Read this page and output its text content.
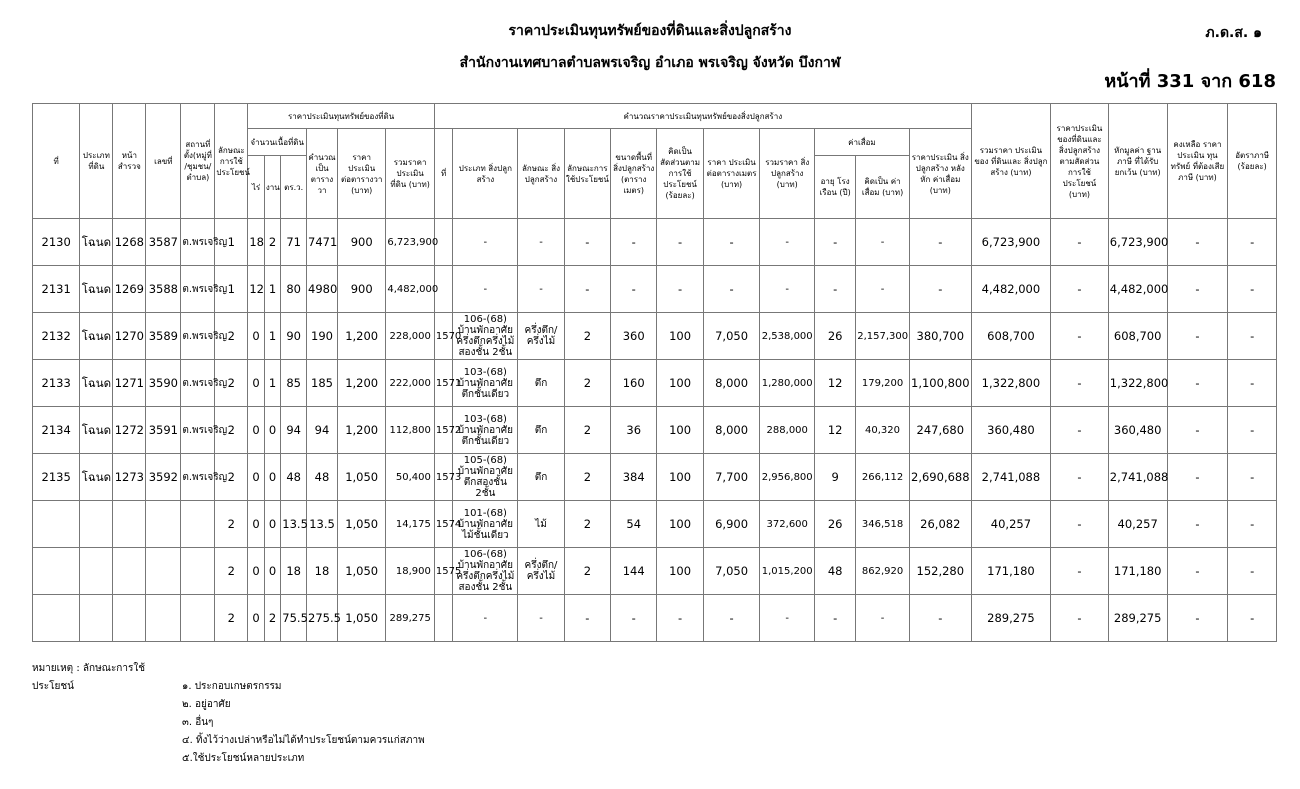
ราคาประเมินทุนทรัพย์ของที่ดินและสิ่งปลูกสร้าง
สำนักงานเทศบาลตำบลพรเจริญ อำเภอ พรเจริญ จังหวัด บึงกาฬ
ภ.ด.ส. ๑
หน้าที่ 331 จาก 618
ที่	ประเภท ที่ดิน	หน้า สำรวจ	เลขที่	สถานที่ ตั้ง(หมู่ที่ /ชุมชน/ ตำบล)	ลักษณะ การใช้ ประโยชน์	ราคาประเมินทุนทรัพย์ของที่ดิน						คำนวณราคาประเมินทุนทรัพย์ของสิ่งปลูกสร้าง											รวมราคา ประเมินของ ที่ดินและ สิ่งปลูกสร้าง (บาท)	ราคาประเมิน ของที่ดินและ สิ่งปลูกสร้าง ตามสัดส่วน การใช้ประโยชน์ (บาท)	หักมูลค่า ฐานภาษี ที่ได้รับ ยกเว้น (บาท)	คงเหลือ ราคาประเมิน ทุนทรัพย์ ที่ต้องเสียภาษี (บาท)	อัตราภาษี (ร้อยละ)
						จำนวนเนื้อที่ดิน			คำนวณ เป็น ตารางวา	ราคา ประเมิน ต่อตารางวา (บาท)	รวมราคา ประเมิน ที่ดิน (บาท)	ที่	ประเภท สิ่งปลูกสร้าง	ลักษณะ สิ่งปลูกสร้าง	ลักษณะการ ใช้ประโยชน์	ขนาดพื้นที่ สิ่งปลูกสร้าง (ตารางเมตร)	คิดเป็น สัดส่วนตาม การใช้ ประโยชน์ (ร้อยละ)	ราคา ประเมิน ต่อตารางเมตร (บาท)	รวมราคา สิ่งปลูกสร้าง (บาท)	ค่าเสื่อม		ราคาประเมิน สิ่งปลูกสร้าง หลังหัก ค่าเสื่อม (บาท)					
						ไร่	งาน	ตร.ว.												อายุ โรงเรือน (ปี)	คิดเป็น ค่าเสื่อม (บาท)						
2130	โฉนด	1268	3587	ต.พรเจริญ	1	18	2	71	7471	900	6,723,900		-	-	-	-	-	-	-	-	-	-	6,723,900	-	6,723,900	-	-
2131	โฉนด	1269	3588	ต.พรเจริญ	1	12	1	80	4980	900	4,482,000		-	-	-	-	-	-	-	-	-	-	4,482,000	-	4,482,000	-	-
2132	โฉนด	1270	3589	ต.พรเจริญ	2	0	1	90	190	1,200	228,000	1570	106-(68) บ้านพักอาศัยครึ่งตึกครึ่งไม้สองชั้น 2ชั้น	ครึ่งตึก/ครึ่งไม้	2	360	100	7,050	2,538,000	26	2,157,300	380,700	608,700	-	608,700	-	-
2133	โฉนด	1271	3590	ต.พรเจริญ	2	0	1	85	185	1,200	222,000	1571	103-(68) บ้านพักอาศัยตึกชั้นเดียว	ตึก	2	160	100	8,000	1,280,000	12	179,200	1,100,800	1,322,800	-	1,322,800	-	-
2134	โฉนด	1272	3591	ต.พรเจริญ	2	0	0	94	94	1,200	112,800	1572	103-(68) บ้านพักอาศัยตึกชั้นเดียว	ตึก	2	36	100	8,000	288,000	12	40,320	247,680	360,480	-	360,480	-	-
2135	โฉนด	1273	3592	ต.พรเจริญ	2	0	0	48	48	1,050	50,400	1573	105-(68) บ้านพักอาศัยตึกสองชั้น 2ชั้น	ตึก	2	384	100	7,700	2,956,800	9	266,112	2,690,688	2,741,088	-	2,741,088	-	-
					2	0	0	13.5	13.5	1,050	14,175	1574	101-(68) บ้านพักอาศัยไม้ชั้นเดียว	ไม้	2	54	100	6,900	372,600	26	346,518	26,082	40,257	-	40,257	-	-
					2	0	0	18	18	1,050	18,900	1575	106-(68) บ้านพักอาศัยครึ่งตึกครึ่งไม้สองชั้น 2ชั้น	ครึ่งตึก/ครึ่งไม้	2	144	100	7,050	1,015,200	48	862,920	152,280	171,180	-	171,180	-	-
					2	0	2	75.5	275.5	1,050	289,275		-	-	-	-	-	-	-	-	-	-	289,275	-	289,275	-	-
หมายเหตุ : ลักษณะการใช้ประโยชน์	๑. ประกอบเกษตรกรรม
๒. อยู่อาศัย
๓. อื่นๆ
๔. ทิ้งไว้ว่างเปล่าหรือไม่ได้ทำประโยชน์ตามควรแก่สภาพ
๕.ใช้ประโยชน์หลายประเภท
